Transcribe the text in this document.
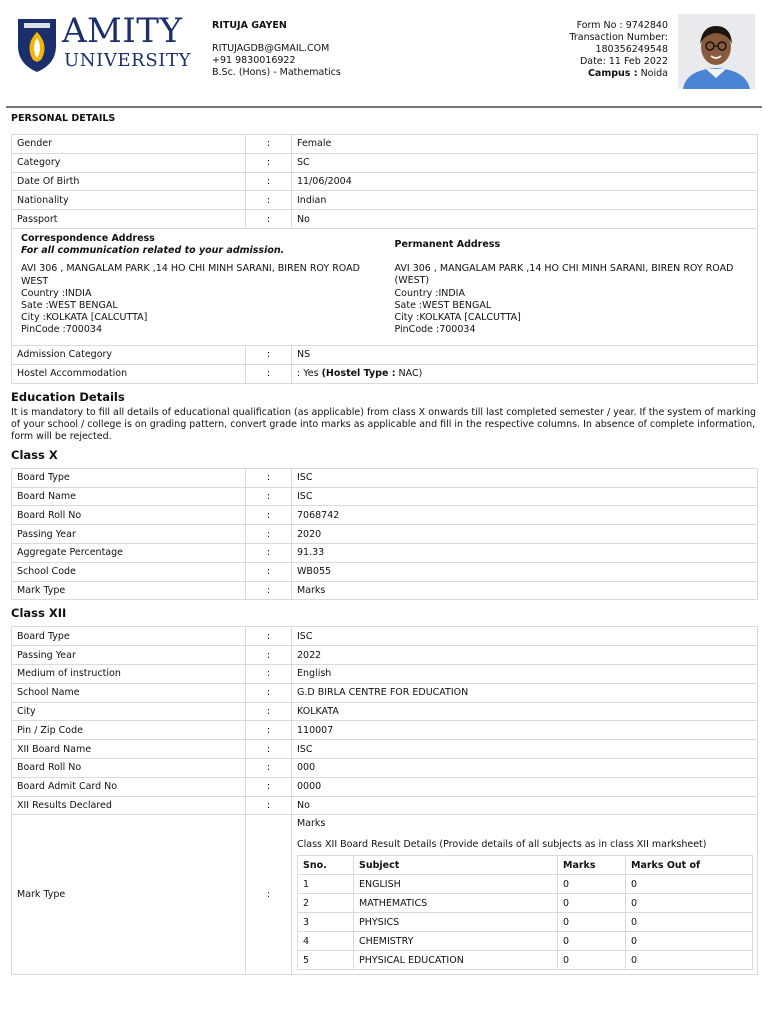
AMITY
UNIVERSITY
RITUJA GAYEN
RITUJAGDB@GMAIL.COM
+91 9830016922
B.Sc. (Hons) - Mathematics
Form No : 9742840
Transaction Number:
180356249548
Date: 11 Feb 2022
Campus : Noida
PERSONAL DETAILS
Gender	:	Female
Category	:	SC
Date Of Birth	:	11/06/2004
Nationality	:	Indian
Passport	:	No
Correspondence Address
For all communication related to your admission.
AVI 306 , MANGALAM PARK ,14 HO CHI MINH SARANI, BIREN ROY ROAD WEST
Country :INDIA
Sate :WEST BENGAL
City :KOLKATA [CALCUTTA]
PinCode :700034
Permanent Address
AVI 306 , MANGALAM PARK ,14 HO CHI MINH SARANI, BIREN ROY ROAD (WEST)
Country :INDIA
Sate :WEST BENGAL
City :KOLKATA [CALCUTTA]
PinCode :700034
Admission Category	:	NS
Hostel Accommodation	:	: Yes (Hostel Type : NAC)
Education Details
It is mandatory to fill all details of educational qualification (as applicable) from class X onwards till last completed semester / year. If the system of marking of your school / college is on grading pattern, convert grade into marks as applicable and fill in the respective columns. In absence of complete information, form will be rejected.
Class X
Board Type	:	ISC
Board Name	:	ISC
Board Roll No	:	7068742
Passing Year	:	2020
Aggregate Percentage	:	91.33
School Code	:	WB055
Mark Type	:	Marks
Class XII
Board Type	:	ISC
Passing Year	:	2022
Medium of instruction	:	English
School Name	:	G.D BIRLA CENTRE FOR EDUCATION
City	:	KOLKATA
Pin / Zip Code	:	110007
XII Board Name	:	ISC
Board Roll No	:	000
Board Admit Card No	:	0000
XII Results Declared	:	No
Mark Type	:	
Marks
Class XII Board Result Details (Provide details of all subjects as in class XII marksheet)
Sno.	Subject	Marks	Marks Out of
1	ENGLISH	0	0
2	MATHEMATICS	0	0
3	PHYSICS	0	0
4	CHEMISTRY	0	0
5	PHYSICAL EDUCATION	0	0
